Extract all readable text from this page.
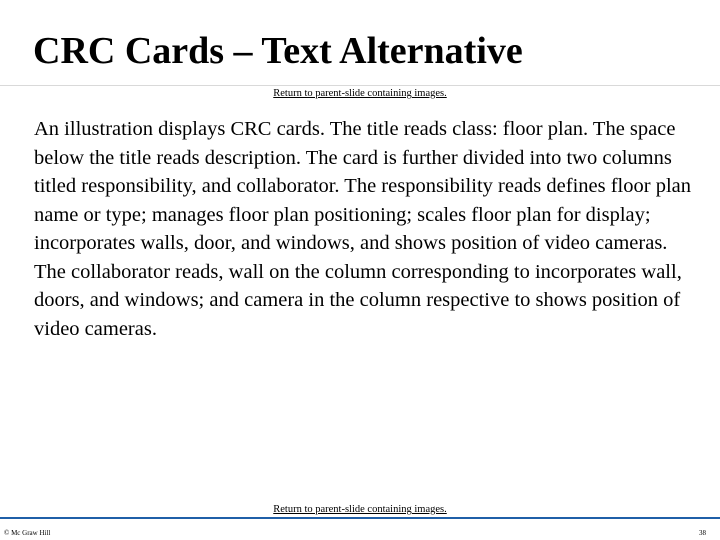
CRC Cards – Text Alternative
Return to parent-slide containing images.

An illustration displays CRC cards. The title reads class: floor plan. The space below the title reads description. The card is further divided into two columns titled responsibility, and collaborator. The responsibility reads defines floor plan name or type; manages floor plan positioning; scales floor plan for display; incorporates walls, door, and windows, and shows position of video cameras. The collaborator reads, wall on the column corresponding to incorporates wall, doors, and windows; and camera in the column respective to shows position of video cameras.

Return to parent-slide containing images.
© Mc Graw Hill	38
